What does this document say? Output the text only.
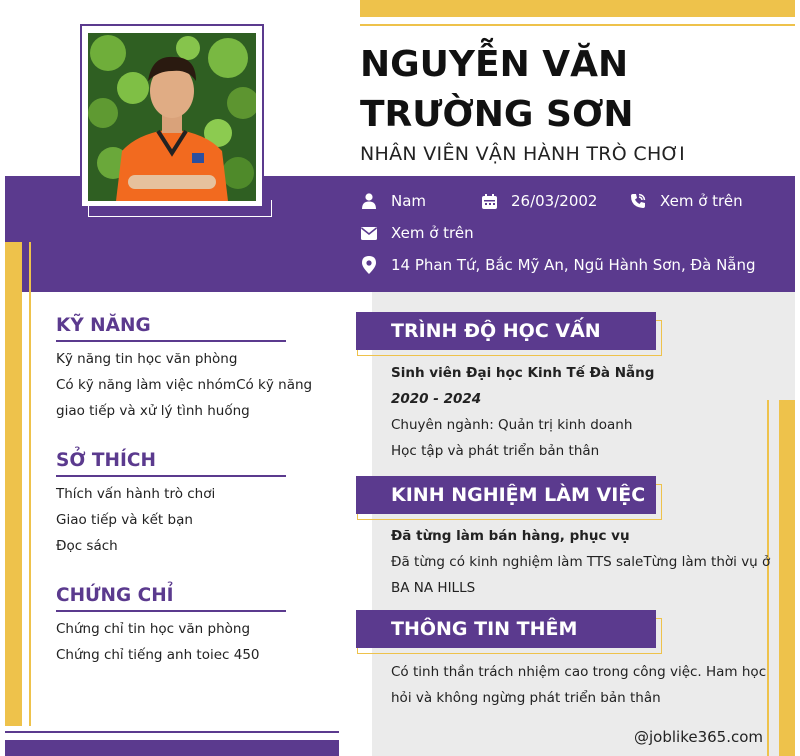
NGUYỄN VĂN TRƯỜNG SƠN
NHÂN VIÊN VẬN HÀNH TRÒ CHƠI
Nam	26/03/2002	Xem ở trên
Xem ở trên
14 Phan Tứ, Bắc Mỹ An, Ngũ Hành Sơn, Đà Nẵng
KỸ NĂNG
Kỹ năng tin học văn phòng
Có kỹ năng làm việc nhómCó kỹ năng giao tiếp và xử lý tình huống
SỞ THÍCH
Thích vấn hành trò chơi
Giao tiếp và kết bạn
Đọc sách
CHỨNG CHỈ
Chứng chỉ tin học văn phòng
Chứng chỉ tiếng anh toiec 450
TRÌNH ĐỘ HỌC VẤN
Sinh viên Đại học Kinh Tế Đà Nẵng
2020 - 2024
Chuyên ngành: Quản trị kinh doanh
Học tập và phát triển bản thân
KINH NGHIỆM LÀM VIỆC
Đã từng làm bán hàng, phục vụ
Đã từng có kinh nghiệm làm TTS saleTừng làm thời vụ ở BA NA HILLS
THÔNG TIN THÊM
Có tinh thần trách nhiệm cao trong công việc. Ham học hỏi và không ngừng phát triển bản thân
@joblike365.com
